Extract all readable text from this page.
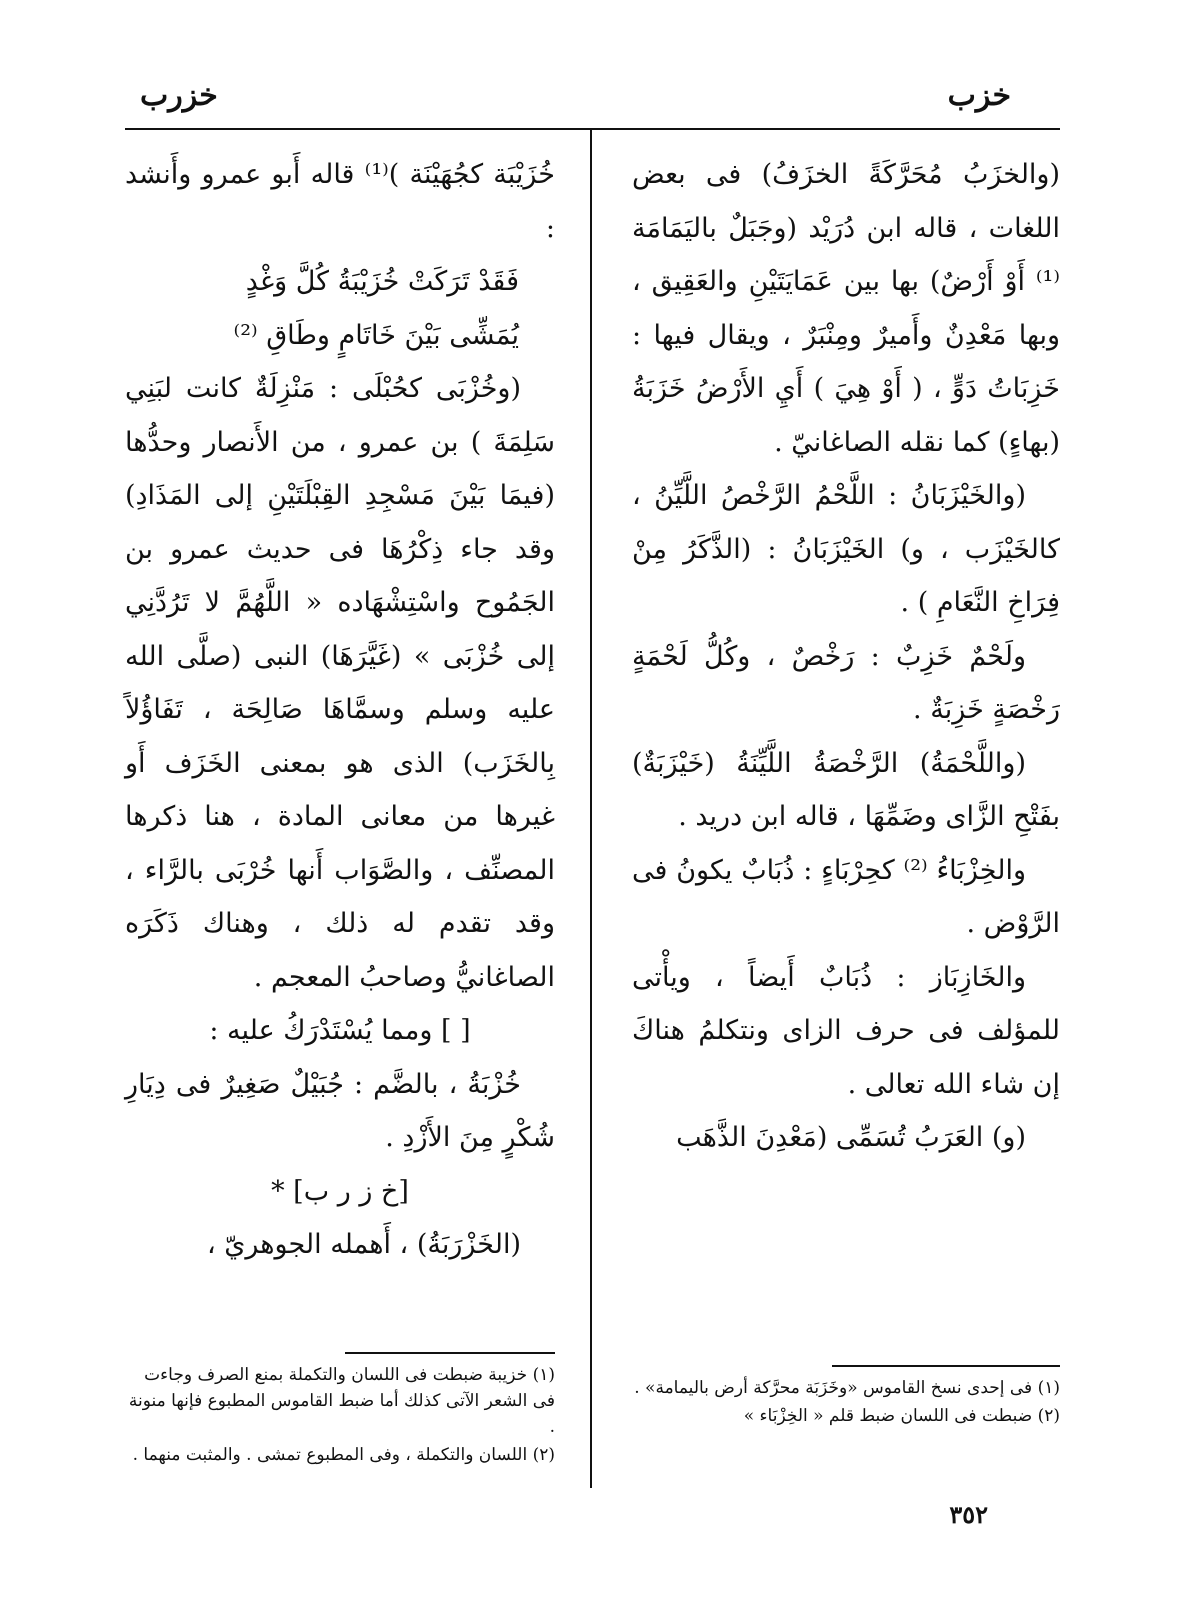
خزب
خزرب

(والخزَبُ مُحَرَّكَةً الخزَفُ) فى بعض اللغات ، قاله ابن دُرَيْد (وجَبَلٌ باليَمَامَة ⁽¹⁾ أَوْ أَرْضٌ) بها بين عَمَايَتَيْنِ والعَقِيق ، وبها مَعْدِنٌ وأَميرٌ ومِنْبَرٌ ، ويقال فيها : خَزِبَاتُ دَوٍّ ، ( أَوْ هِيَ ) أَيِ الأَرْضُ خَزَبَةُ (بهاءٍ) كما نقله الصاغانيّ .

(والخَيْزَبَانُ : اللَّحْمُ الرَّخْصُ اللَّيِّنُ ، كالخَيْزَب ، و) الخَيْزَبَانُ : (الذَّكَرُ مِنْ فِرَاخِ النَّعَامِ ) .

ولَحْمٌ خَزِبٌ : رَخْصٌ ، وكُلُّ لَحْمَةٍ رَخْصَةٍ خَزِبَةٌ .

(واللَّحْمَةُ) الرَّخْصَةُ اللَّيِّنَةُ (خَيْزَبَةٌ) بفَتْحِ الزَّاى وضَمِّهَا ، قاله ابن دريد .

والخِزْبَاءُ ⁽²⁾ كحِرْبَاءٍ : ذُبَابٌ يكونُ فى الرَّوْض .

والخَازِبَاز : ذُبَابٌ أَيضاً ، ويأْتى للمؤلف فى حرف الزاى ونتكلمُ هناكَ إن شاء الله تعالى .

(و) العَرَبُ تُسَمِّى (مَعْدِنَ الذَّهَب

خُزَيْبَة كجُهَيْنَة )⁽¹⁾ قاله أَبو عمرو وأَنشد :

فَقَدْ تَرَكَتْ خُزَيْبَةُ كُلَّ وَغْدٍ

يُمَشِّى بَيْنَ خَاتَامٍ وطَاقِ ⁽²⁾

(وخُزْبَى كحُبْلَى : مَنْزِلَةٌ كانت لبَنِي سَلِمَةَ ) بن عمرو ، من الأَنصار وحدُّها (فيمَا بَيْنَ مَسْجِدِ القِبْلَتَيْنِ إلى المَذَادِ) وقد جاء ذِكْرُهَا فى حديث عمرو بن الجَمُوح واسْتِشْهَاده « اللَّهُمَّ لا تَرُدَّنِي إلى خُزْبَى » (غَيَّرَهَا) النبى (صلَّى الله عليه وسلم وسمَّاهَا صَالِحَة ، تَفَاؤُلاً بِالخَزَب) الذى هو بمعنى الخَزَف أَو غيرها من معانى المادة ، هنا ذكرها المصنِّف ، والصَّوَاب أَنها خُرْبَى بالرَّاء ، وقد تقدم له ذلك ، وهناك ذَكَرَه الصاغانيُّ وصاحبُ المعجم .

[ ] ومما يُسْتَدْرَكُ عليه :

خُزْبَةُ ، بالضَّم : جُبَيْلٌ صَغِيرٌ فى دِيَارِ شُكْرٍ مِنَ الأَزْدِ .

[خ ز ر ب] *

(الخَزْرَبَةُ) ، أَهمله الجوهريّ ،

(١) فى إحدى نسخ القاموس «وخَزَبَة محرَّكة أرض باليمامة» .

(٢) ضبطت فى اللسان ضبط قلم « الخِزْبَاء »

(١) خزيبة ضبطت فى اللسان والتكملة بمنع الصرف وجاءت فى الشعر الآتى كذلك أما ضبط القاموس المطبوع فإنها منونة .

(٢) اللسان والتكملة ، وفى المطبوع تمشى . والمثبت منهما .

٣٥٢
